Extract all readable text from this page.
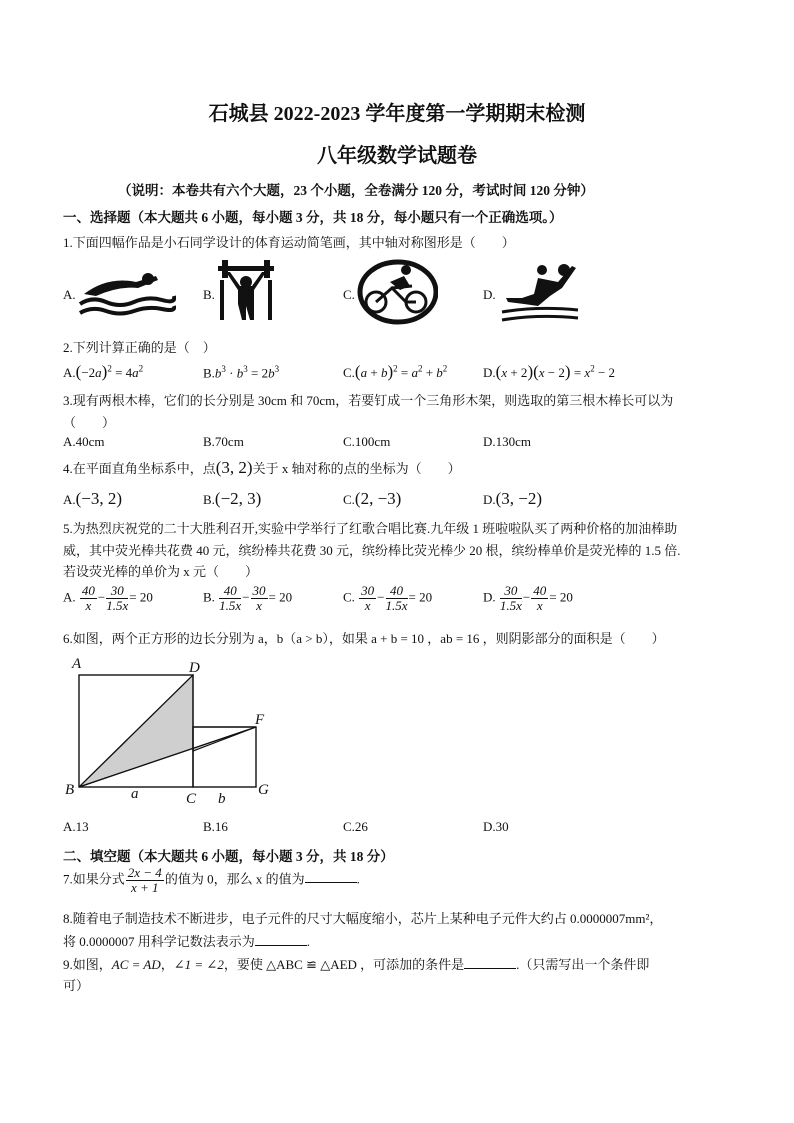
石城县 2022-2023 学年度第一学期期末检测
八年级数学试题卷
（说明：本卷共有六个大题，23 个小题，全卷满分 120 分，考试时间 120 分钟）
一、选择题（本大题共 6 小题，每小题 3 分，共 18 分，每小题只有一个正确选项。）
1.下面四幅作品是小石同学设计的体育运动简笔画，其中轴对称图形是（　　）
A.	B.	C.	D.
2.下列计算正确的是（　）
$A.(-2a)^2 = 4a^2$	$B.b^3 \cdot b^3 = 2b^3$	$C.(a + b)^2 = a^2 + b^2$	$D.(x + 2)(x - 2) = x^2 - 2$
3.现有两根木棒，它们的长分别是 30cm 和 70cm，若要钉成一个三角形木架，则选取的第三根木棒长可以为
（　　）
A.40cm	B.70cm	C.100cm	D.130cm
4.在平面直角坐标系中，点(3, 2)关于 x 轴对称的点的坐标为（　　）
A.(−3, 2)	B.(−2, 3)	C.(2, −3)	D.(3, −2)
5.为热烈庆祝党的二十大胜利召开,实验中学举行了红歌合唱比赛.九年级 1 班啦啦队买了两种价格的加油棒助
威，其中荧光棒共花费 40 元，缤纷棒共花费 30 元，缤纷棒比荧光棒少 20 根，缤纷棒单价是荧光棒的 1.5 倍.
若设荧光棒的单价为 x 元（　　）
A. $\frac{40}{x} - \frac{30}{1.5x} = 20$	B. $\frac{40}{1.5x} - \frac{30}{x} = 20$	C. $\frac{30}{x} - \frac{40}{1.5x} = 20$	D. $\frac{30}{1.5x} - \frac{40}{x} = 20$
6.如图，两个正方形的边长分别为 a，b（a > b），如果 a + b = 10 ，ab = 16 ，则阴影部分的面积是（　　）
A	D
F
B	a	C b
G
A.13	B.16	C.26	D.30
二、填空题（本大题共 6 小题，每小题 3 分，共 18 分）
7.如果分式 $\frac{2x - 4}{x + 1}$ 的值为 0，那么 x 的值为	.
8.随着电子制造技术不断进步，电子元件的尺寸大幅度缩小，芯片上某种电子元件大约占 0.0000007mm²，
将 0.0000007 用科学记数法表示为	.
9.如图，AC = AD，∠1 = ∠2，要使 △ABC ≌ △AED ，可添加的条件是	.（只需写出一个条件即
可）
